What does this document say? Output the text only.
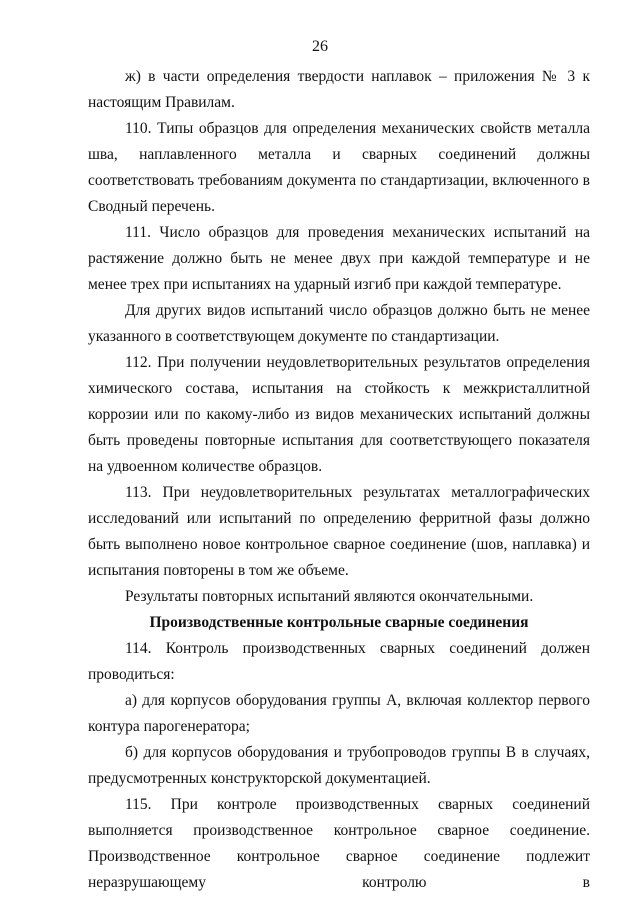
26

ж) в части определения твердости наплавок – приложения № 3 к настоящим Правилам.

110. Типы образцов для определения механических свойств металла шва, наплавленного металла и сварных соединений должны соответствовать требованиям документа по стандартизации, включенного в Сводный перечень.

111. Число образцов для проведения механических испытаний на растяжение должно быть не менее двух при каждой температуре и не менее трех при испытаниях на ударный изгиб при каждой температуре.

Для других видов испытаний число образцов должно быть не менее указанного в соответствующем документе по стандартизации.

112. При получении неудовлетворительных результатов определения химического состава, испытания на стойкость к межкристаллитной коррозии или по какому-либо из видов механических испытаний должны быть проведены повторные испытания для соответствующего показателя на удвоенном количестве образцов.

113. При неудовлетворительных результатах металлографических исследований или испытаний по определению ферритной фазы должно быть выполнено новое контрольное сварное соединение (шов, наплавка) и испытания повторены в том же объеме.

Результаты повторных испытаний являются окончательными.

Производственные контрольные сварные соединения

114. Контроль производственных сварных соединений должен проводиться:

а) для корпусов оборудования группы А, включая коллектор первого контура парогенератора;

б) для корпусов оборудования и трубопроводов группы В в случаях, предусмотренных конструкторской документацией.

115. При контроле производственных сварных соединений выполняется производственное контрольное сварное соединение. Производственное контрольное сварное соединение подлежит неразрушающему контролю в
